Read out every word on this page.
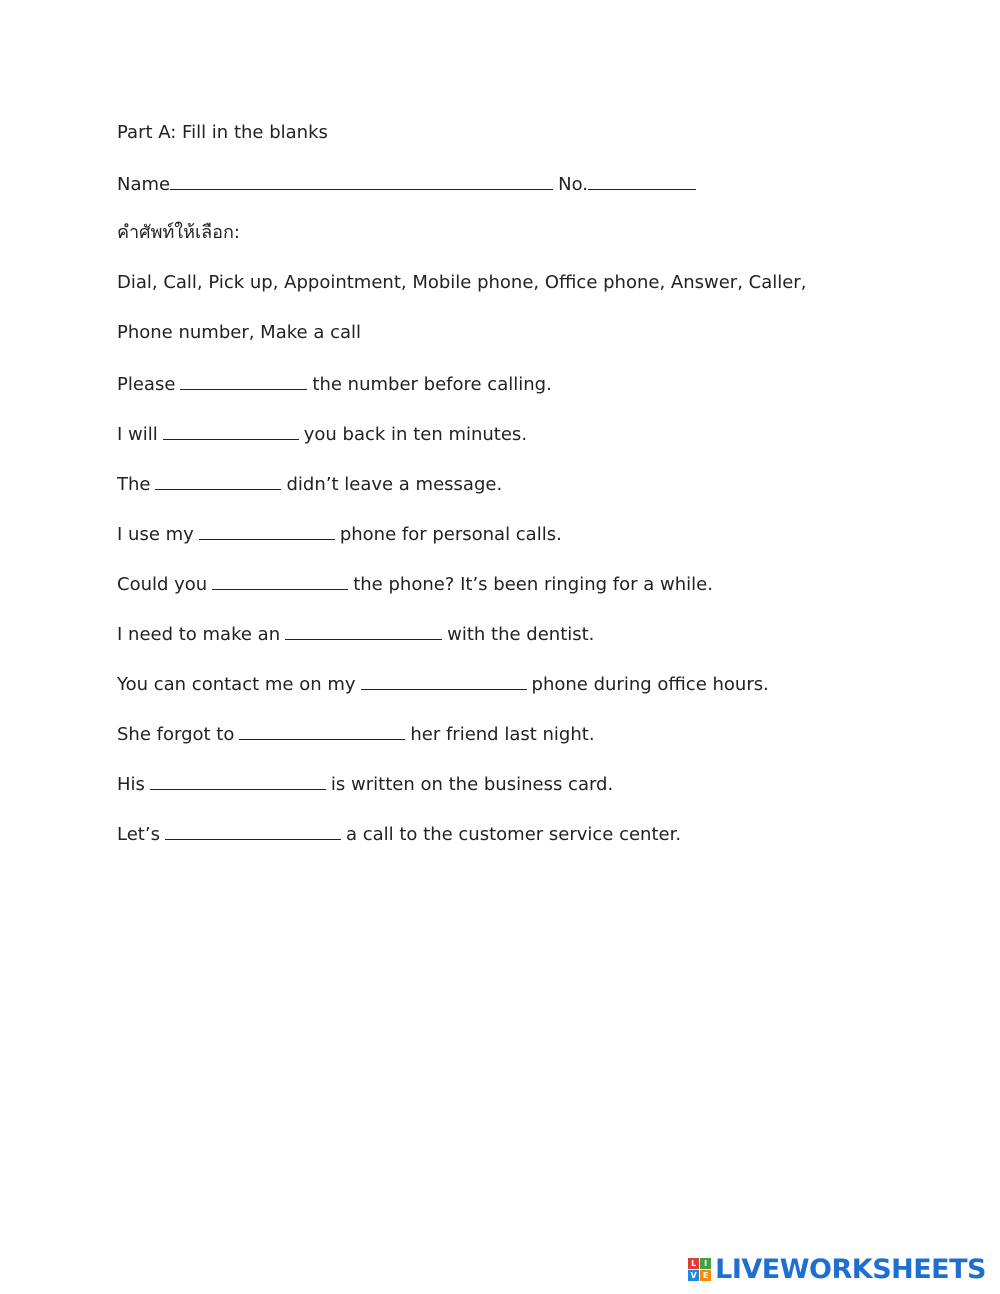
Part A: Fill in the blanks
Name	No.
คำศัพท์ให้เลือก:
Dial, Call, Pick up, Appointment, Mobile phone, Office phone, Answer, Caller,
Phone number, Make a call
Please	the number before calling.
I will	you back in ten minutes.
The	didn’t leave a message.
I use my	phone for personal calls.
Could you	the phone? It’s been ringing for a while.
I need to make an	with the dentist.
You can contact me on my	phone during office hours.
She forgot to	her friend last night.
His	is written on the business card.
Let’s	a call to the customer service center.
L I
V E LIVEWORKSHEETS
